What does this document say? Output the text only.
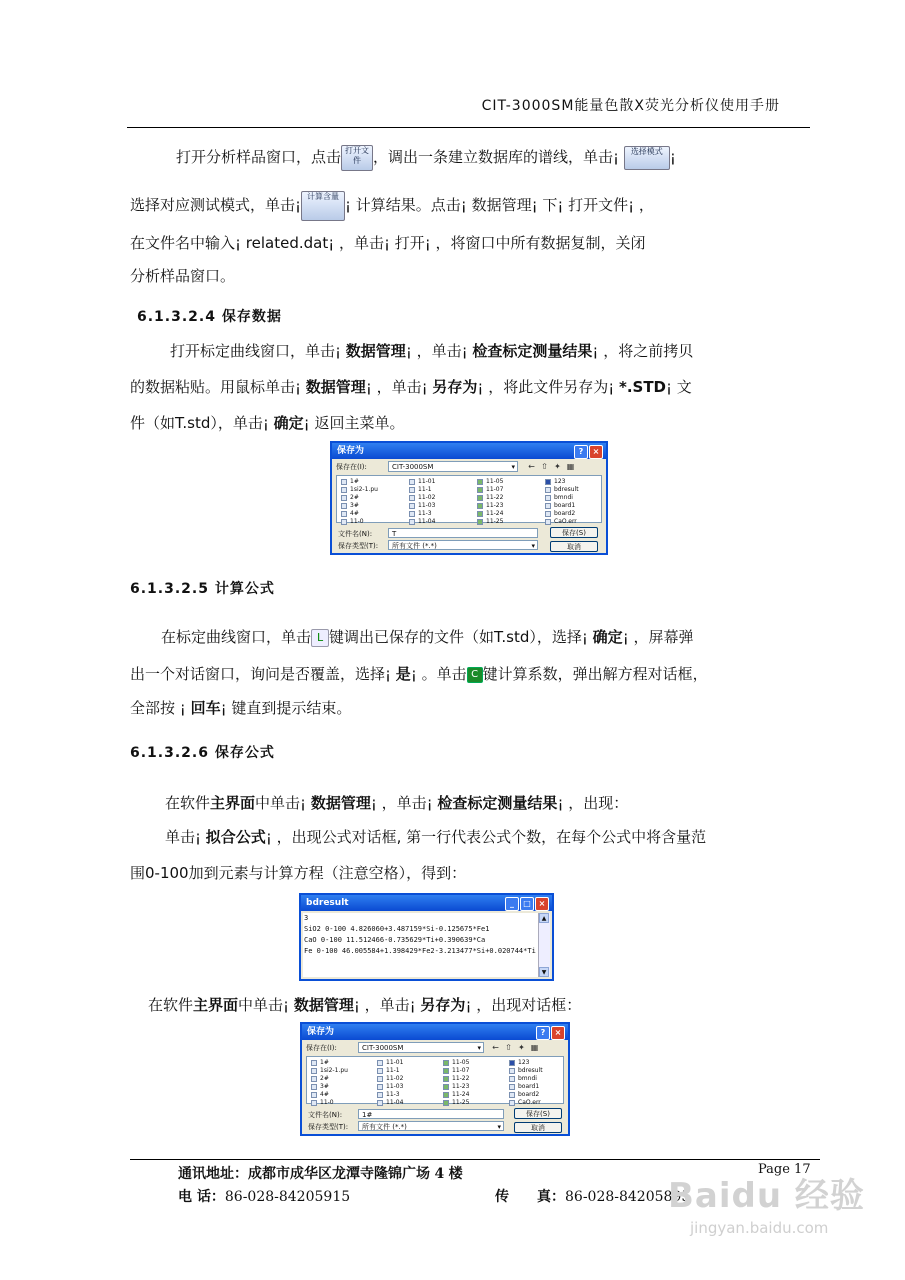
CIT-3000SM能量色散X荧光分析仪使用手册
打开分析样品窗口，点击 打开文件 ，调出一条建立数据库的谱线，单击¡ 选择模式 ¡
选择对应测试模式，单击¡ 计算含量 ¡ 计算结果。点击¡ 数据管理¡ 下¡ 打开文件¡ ，
在文件名中输入¡ related.dat¡ ，单击¡ 打开¡ ，将窗口中所有数据复制，关闭
分析样品窗口。
6.1.3.2.4 保存数据
打开标定曲线窗口，单击¡ 数据管理¡ ，单击¡ 检查标定测量结果¡ ，将之前拷贝
的数据粘贴。用鼠标单击¡ 数据管理¡ ，单击¡ 另存为¡ ，将此文件另存为¡ *.STD¡ 文
件（如T.std），单击¡ 确定¡ 返回主菜单。
保存为	?	×
保存在(I):	CIT-3000SM	▾ ← ⇧ ✦ ▦
1#
1si2-1.pu
2#
3#
4#
11-0
11-01
11-1
11-02
11-03
11-3
11-04
11-05
11-07
11-22
11-23
11-24
11-25
123
bdresult
bmndi
board1
board2
CaO.err
文件名(N):	T	保存(S)
保存类型(T):	所有文件 (*.*)	▾	取消
6.1.3.2.5 计算公式
在标定曲线窗口，单击 L 键调出已保存的文件（如T.std），选择¡ 确定¡ ，屏幕弹
出一个对话窗口，询问是否覆盖，选择¡ 是¡ 。单击 C 键计算系数，弹出解方程对话框，
全部按 ¡ 回车¡ 键直到提示结束。
6.1.3.2.6 保存公式
在软件主界面中单击¡ 数据管理¡ ，单击¡ 检查标定测量结果¡ ，出现：
单击¡ 拟合公式¡ ，出现公式对话框, 第一行代表公式个数，在每个公式中将含量范
围0-100加到元素与计算方程（注意空格），得到：
bdresult	_	□ ×
3
SiO2 0-100 4.826060+3.487159*Si-0.125675*Fe1
CaO 0-100 11.512466-0.735629*Ti+0.390639*Ca
Fe 0-100 46.005584+1.398429*Fe2-3.213477*Si+0.020744*Ti
▲
▼
在软件主界面中单击¡ 数据管理¡ ，单击¡ 另存为¡ ，出现对话框：
保存为	?	×
保存在(I):	CIT-3000SM	▾ ← ⇧ ✦ ▦
1#
1si2-1.pu
2#
3#
4#
11-0
11-01
11-1
11-02
11-03
11-3
11-04
11-05
11-07
11-22
11-23
11-24
11-25
123
bdresult
bmndi
board1
board2
CaO.err
文件名(N):	1#	保存(S)
保存类型(T):	所有文件 (*.*)	▾	取消
Page 17
通讯地址：成都市成华区龙潭寺隆锦广场 4 楼
电 话：86-028-84205915	传 真：86-028-84205895
Baidu 经验
jingyan.baidu.com
